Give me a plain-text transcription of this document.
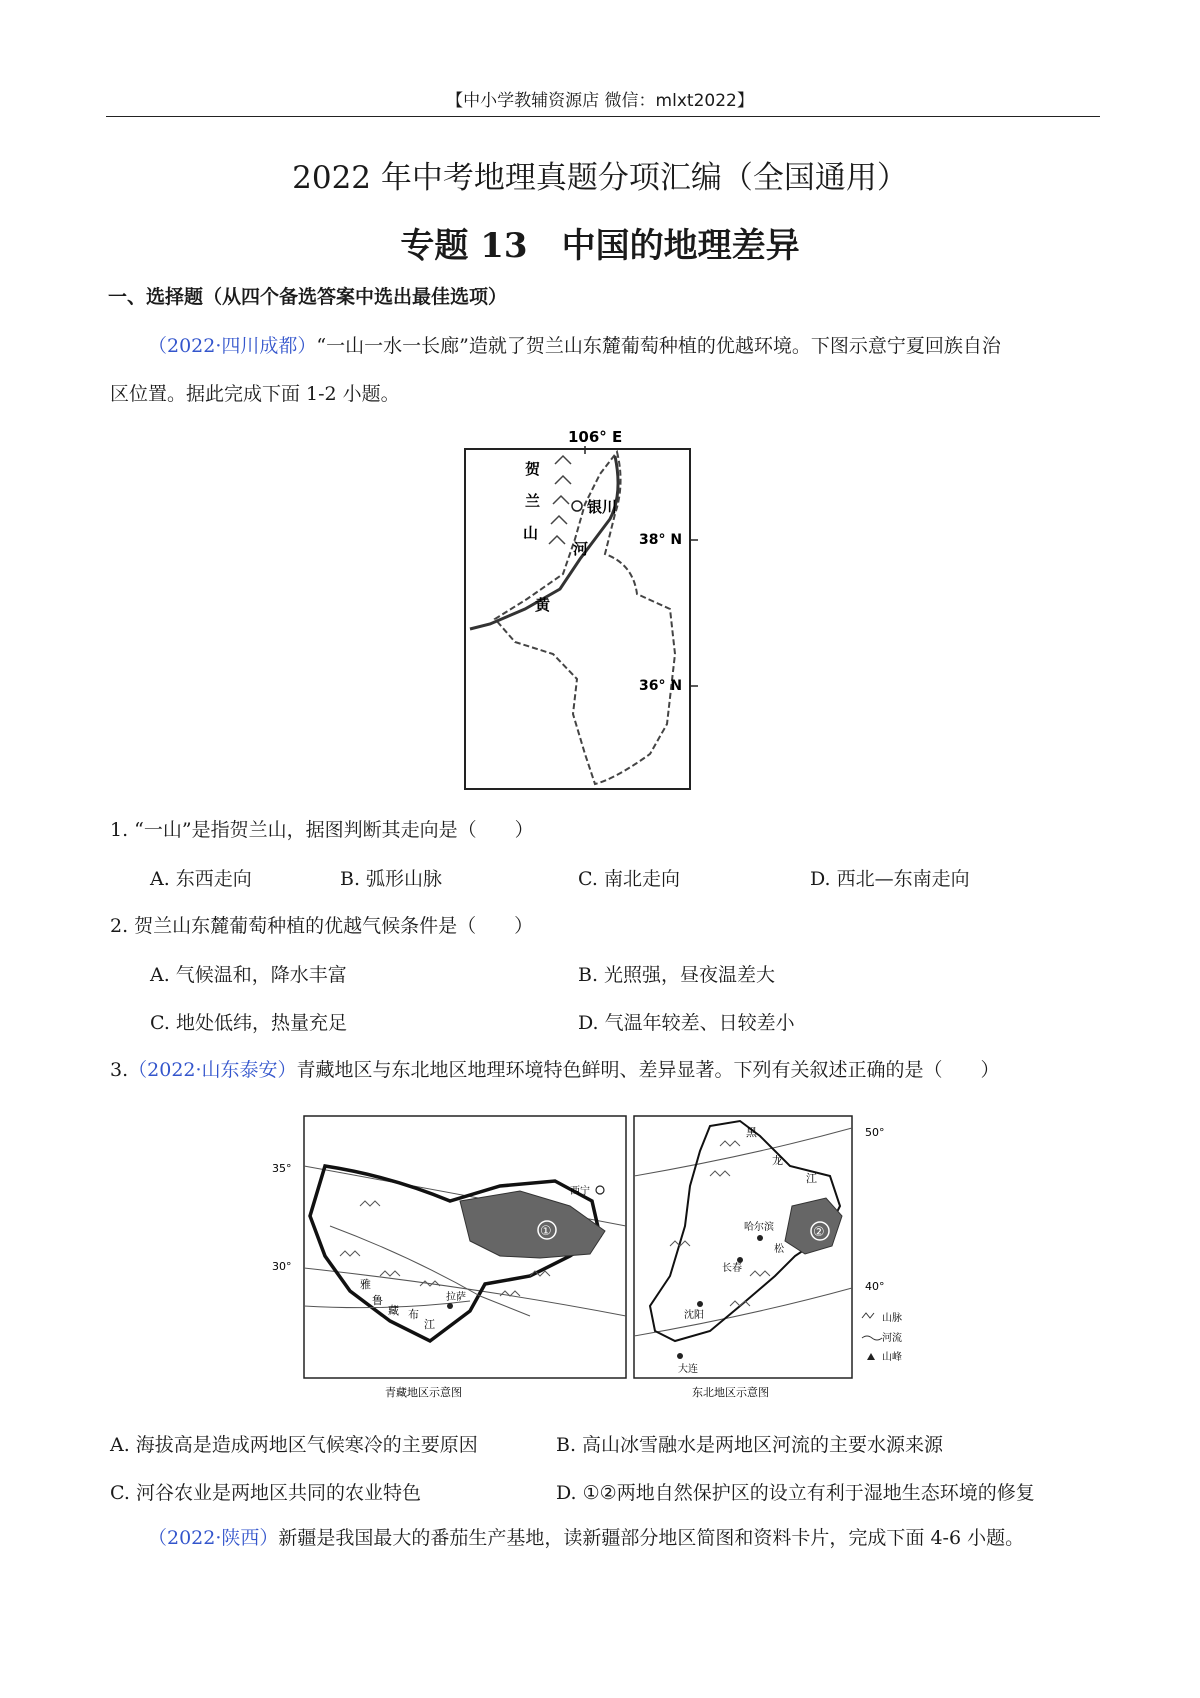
【中小学教辅资源店 微信：mlxt2022】
2022 年中考地理真题分项汇编（全国通用）
专题 13　中国的地理差异
一、选择题（从四个备选答案中选出最佳选项）
（2022·四川成都）“一山一水一长廊”造就了贺兰山东麓葡萄种植的优越环境。下图示意宁夏回族自治
区位置。据此完成下面 1-2 小题。
106° E
贺
兰
山
银川
河
黄
38° N
36° N
1. “一山”是指贺兰山，据图判断其走向是（　　）
A. 东西走向	B. 弧形山脉	C. 南北走向	D. 西北—东南走向
2. 贺兰山东麓葡萄种植的优越气候条件是（　　）
A. 气候温和，降水丰富	B. 光照强，昼夜温差大
C. 地处低纬，热量充足	D. 气温年较差、日较差小
3.（2022·山东泰安）青藏地区与东北地区地理环境特色鲜明、差异显著。下列有关叙述正确的是（　　）
35°
30°
①
西宁
雅
鲁
藏 布
江
拉萨
青藏地区示意图
50°
40°
②
黑
龙
江
哈尔滨
松
长春
沈阳
大连
东北地区示意图
山脉
河流
山峰
A. 海拔高是造成两地区气候寒冷的主要原因	B. 高山冰雪融水是两地区河流的主要水源来源
C. 河谷农业是两地区共同的农业特色	D. ①②两地自然保护区的设立有利于湿地生态环境的修复
（2022·陕西）新疆是我国最大的番茄生产基地，读新疆部分地区简图和资料卡片，完成下面 4-6 小题。
